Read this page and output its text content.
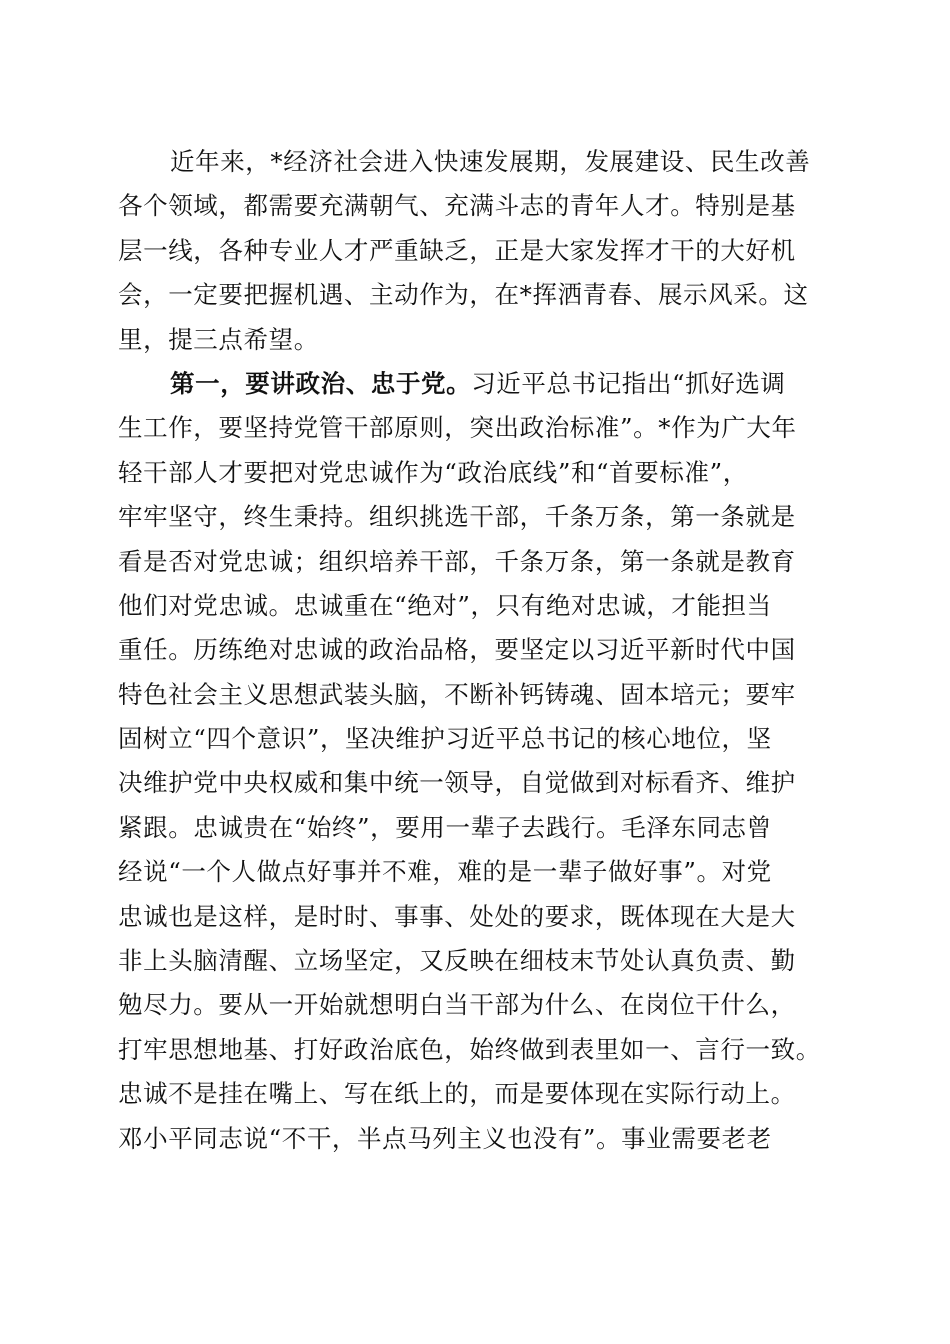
近年来，*经济社会进入快速发展期，发展建设、民生改善
各个领域，都需要充满朝气、充满斗志的青年人才。特别是基
层一线，各种专业人才严重缺乏，正是大家发挥才干的大好机
会，一定要把握机遇、主动作为，在*挥洒青春、展示风采。这
里，提三点希望。
第一，要讲政治、忠于党。习近平总书记指出“抓好选调
生工作，要坚持党管干部原则，突出政治标准”。*作为广大年
轻干部人才要把对党忠诚作为“政治底线”和“首要标准”，
牢牢坚守，终生秉持。组织挑选干部，千条万条，第一条就是
看是否对党忠诚；组织培养干部，千条万条，第一条就是教育
他们对党忠诚。忠诚重在“绝对”，只有绝对忠诚，才能担当
重任。历练绝对忠诚的政治品格，要坚定以习近平新时代中国
特色社会主义思想武装头脑，不断补钙铸魂、固本培元；要牢
固树立“四个意识”，坚决维护习近平总书记的核心地位，坚
决维护党中央权威和集中统一领导，自觉做到对标看齐、维护
紧跟。忠诚贵在“始终”，要用一辈子去践行。毛泽东同志曾
经说“一个人做点好事并不难，难的是一辈子做好事”。对党
忠诚也是这样，是时时、事事、处处的要求，既体现在大是大
非上头脑清醒、立场坚定，又反映在细枝末节处认真负责、勤
勉尽力。要从一开始就想明白当干部为什么、在岗位干什么，
打牢思想地基、打好政治底色，始终做到表里如一、言行一致。
忠诚不是挂在嘴上、写在纸上的，而是要体现在实际行动上。
邓小平同志说“不干，半点马列主义也没有”。事业需要老老
